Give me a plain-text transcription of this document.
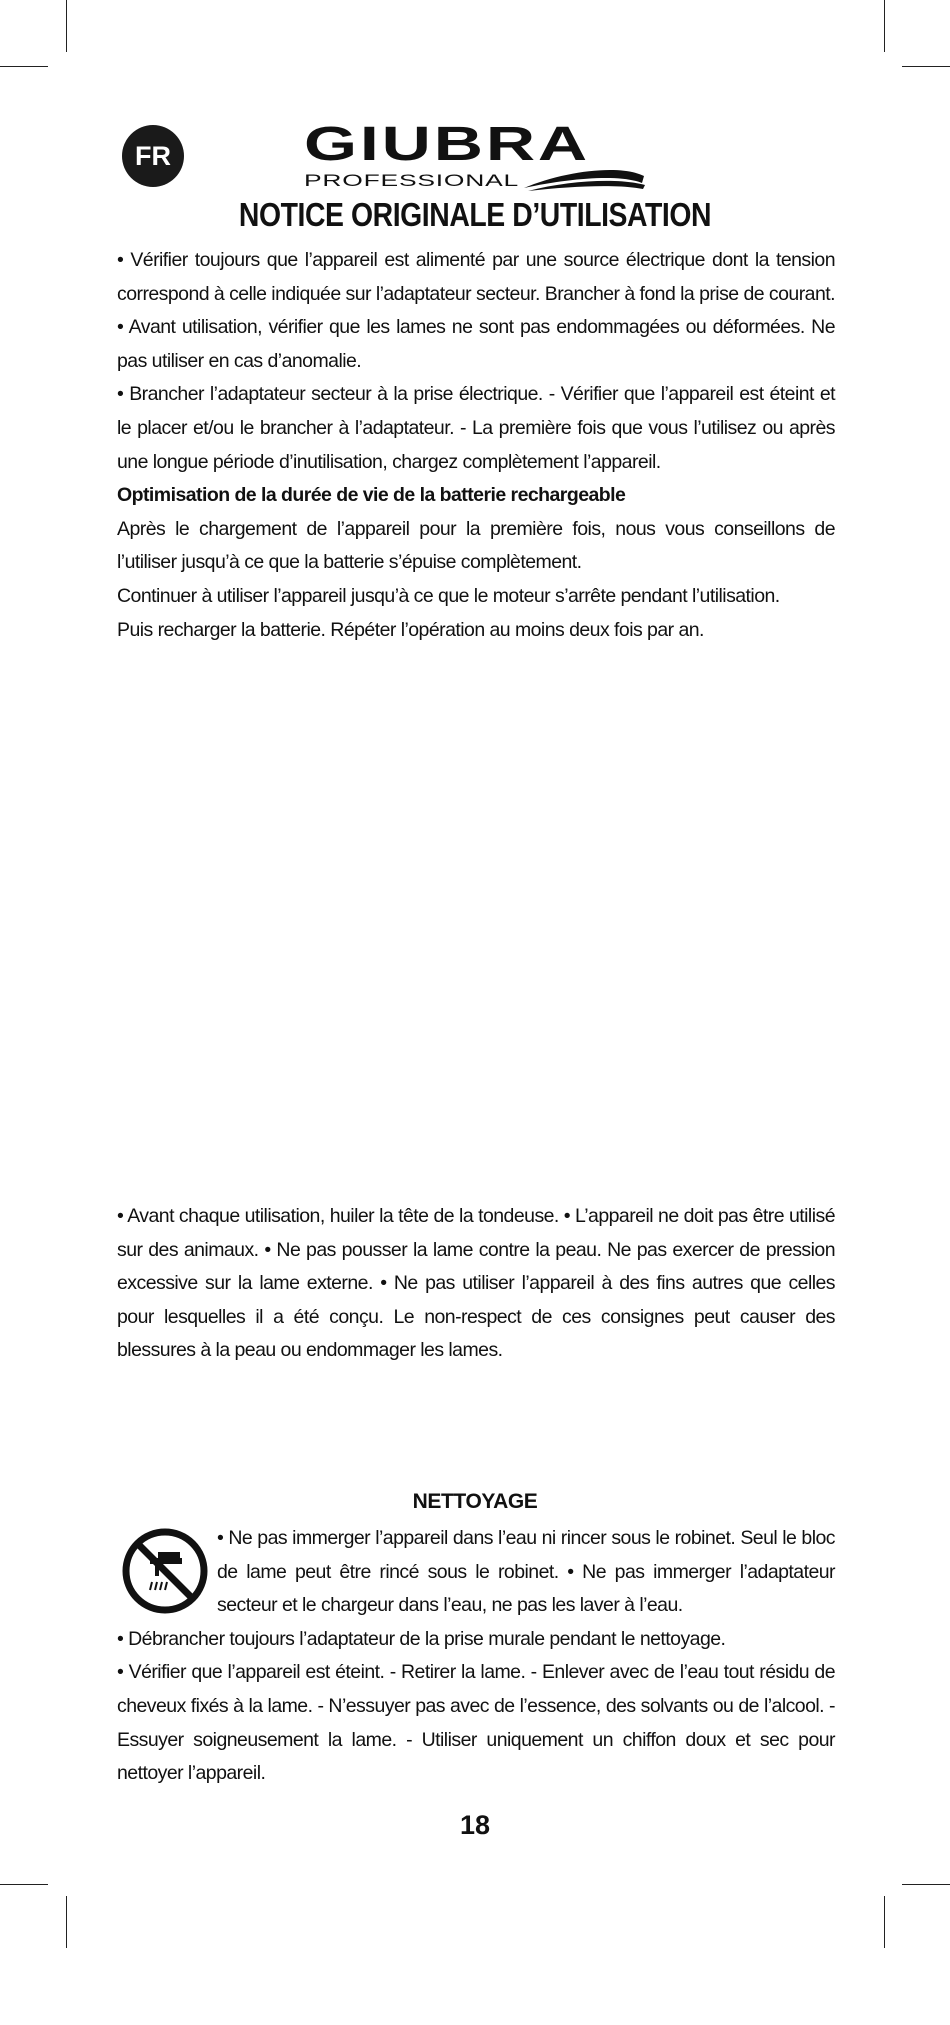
FR	GIUBRA
PROFESSIONAL
NOTICE ORIGINALE D’UTILISATION

• Vérifier toujours que l’appareil est alimenté par une source électrique dont la tension correspond à celle indiquée sur l’adaptateur secteur. Brancher à fond la prise de courant.

• Avant utilisation, vérifier que les lames ne sont pas endommagées ou déformées. Ne pas utiliser en cas d’anomalie.

• Brancher l’adaptateur secteur à la prise électrique. - Vérifier que l’appareil est éteint et le placer et/ou le brancher à l’adaptateur. - La première fois que vous l’utilisez ou après une longue période d’inutilisation, chargez complètement l’appareil.

Optimisation de la durée de vie de la batterie rechargeable

Après le chargement de l’appareil pour la première fois, nous vous conseillons de l’utiliser jusqu’à ce que la batterie s’épuise complètement.

Continuer à utiliser l’appareil jusqu’à ce que le moteur s’arrête pendant l’utilisation.

Puis recharger la batterie. Répéter l’opération au moins deux fois par an.

• Avant chaque utilisation, huiler la tête de la tondeuse. • L’appareil ne doit pas être utilisé sur des animaux. • Ne pas pousser la lame contre la peau. Ne pas exercer de pression excessive sur la lame externe. • Ne pas utiliser l’appareil à des fins autres que celles pour lesquelles il a été conçu. Le non-respect de ces consignes peut causer des blessures à la peau ou endommager les lames.

NETTOYAGE

• Ne pas immerger l’appareil dans l’eau ni rincer sous le robinet. Seul le bloc de lame peut être rincé sous le robinet. • Ne pas immerger l’adaptateur secteur et le chargeur dans l’eau, ne pas les laver à l’eau.

• Débrancher toujours l’adaptateur de la prise murale pendant le nettoyage.

• Vérifier que l’appareil est éteint. - Retirer la lame. - Enlever avec de l’eau tout résidu de cheveux fixés à la lame. - N’essuyer pas avec de l’essence, des solvants ou de l’alcool. - Essuyer soigneusement la lame. - Utiliser uniquement un chiffon doux et sec pour nettoyer l’appareil.

18
